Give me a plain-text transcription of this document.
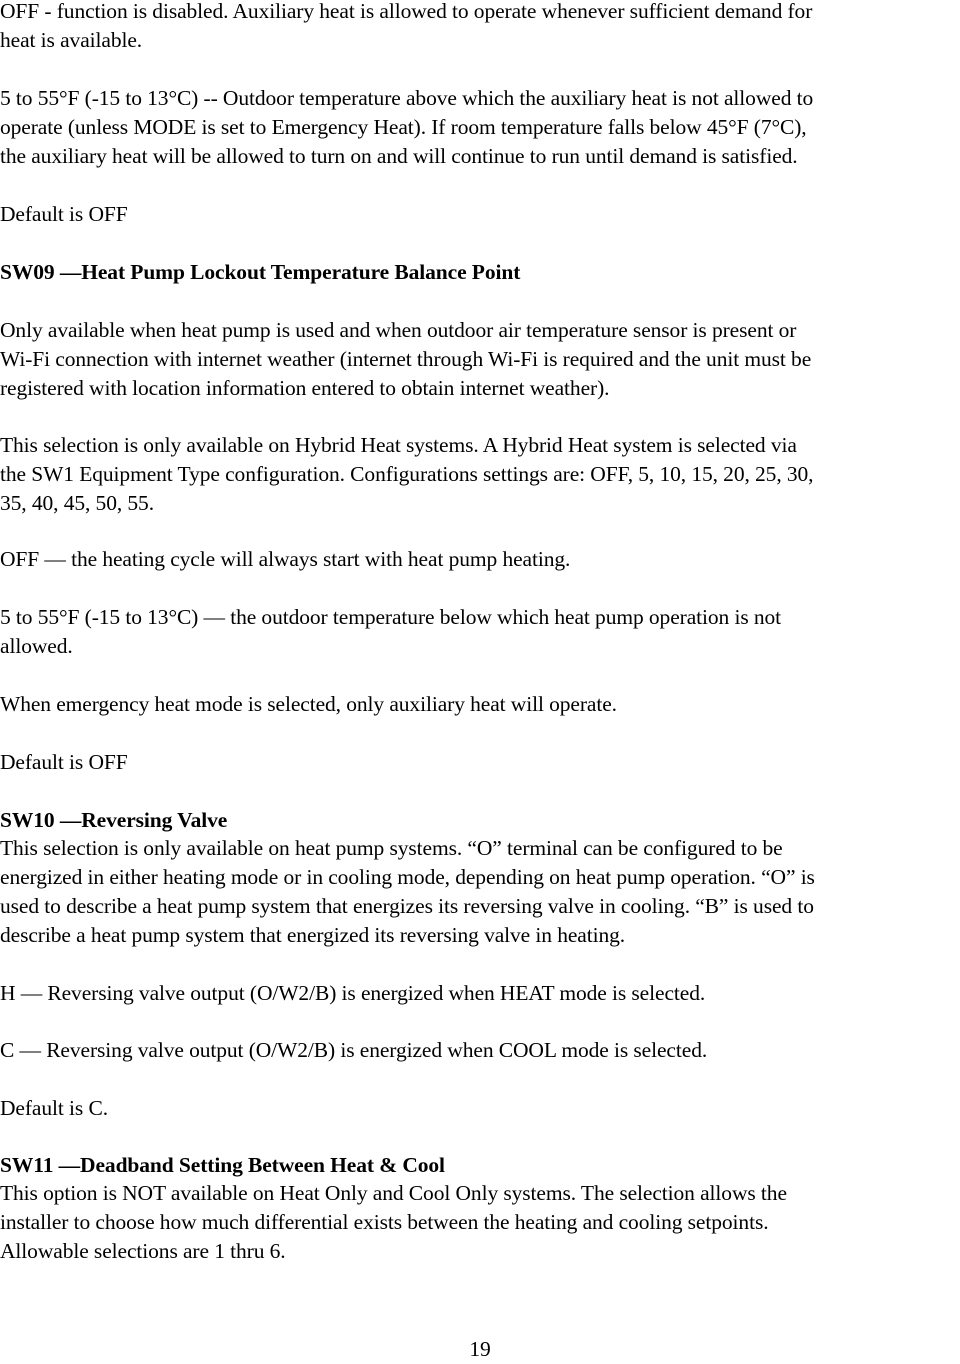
OFF - function is disabled. Auxiliary heat is allowed to operate whenever sufficient demand for
heat is available.

5 to 55°F (-15 to 13°C) -- Outdoor temperature above which the auxiliary heat is not allowed to
operate (unless MODE is set to Emergency Heat). If room temperature falls below 45°F (7°C),
the auxiliary heat will be allowed to turn on and will continue to run until demand is satisfied.

Default is OFF

SW09 —Heat Pump Lockout Temperature Balance Point

Only available when heat pump is used and when outdoor air temperature sensor is present or
Wi-Fi connection with internet weather (internet through Wi-Fi is required and the unit must be
registered with location information entered to obtain internet weather).

This selection is only available on Hybrid Heat systems. A Hybrid Heat system is selected via
the SW1 Equipment Type configuration. Configurations settings are: OFF, 5, 10, 15, 20, 25, 30,
35, 40, 45, 50, 55.

OFF — the heating cycle will always start with heat pump heating.

5 to 55°F (-15 to 13°C) — the outdoor temperature below which heat pump operation is not
allowed.

When emergency heat mode is selected, only auxiliary heat will operate.

Default is OFF

SW10 —Reversing Valve

This selection is only available on heat pump systems. “O” terminal can be configured to be
energized in either heating mode or in cooling mode, depending on heat pump operation. “O” is
used to describe a heat pump system that energizes its reversing valve in cooling. “B” is used to
describe a heat pump system that energized its reversing valve in heating.

H — Reversing valve output (O/W2/B) is energized when HEAT mode is selected.

C — Reversing valve output (O/W2/B) is energized when COOL mode is selected.

Default is C.

SW11 —Deadband Setting Between Heat & Cool

This option is NOT available on Heat Only and Cool Only systems. The selection allows the
installer to choose how much differential exists between the heating and cooling setpoints.
Allowable selections are 1 thru 6.

19
